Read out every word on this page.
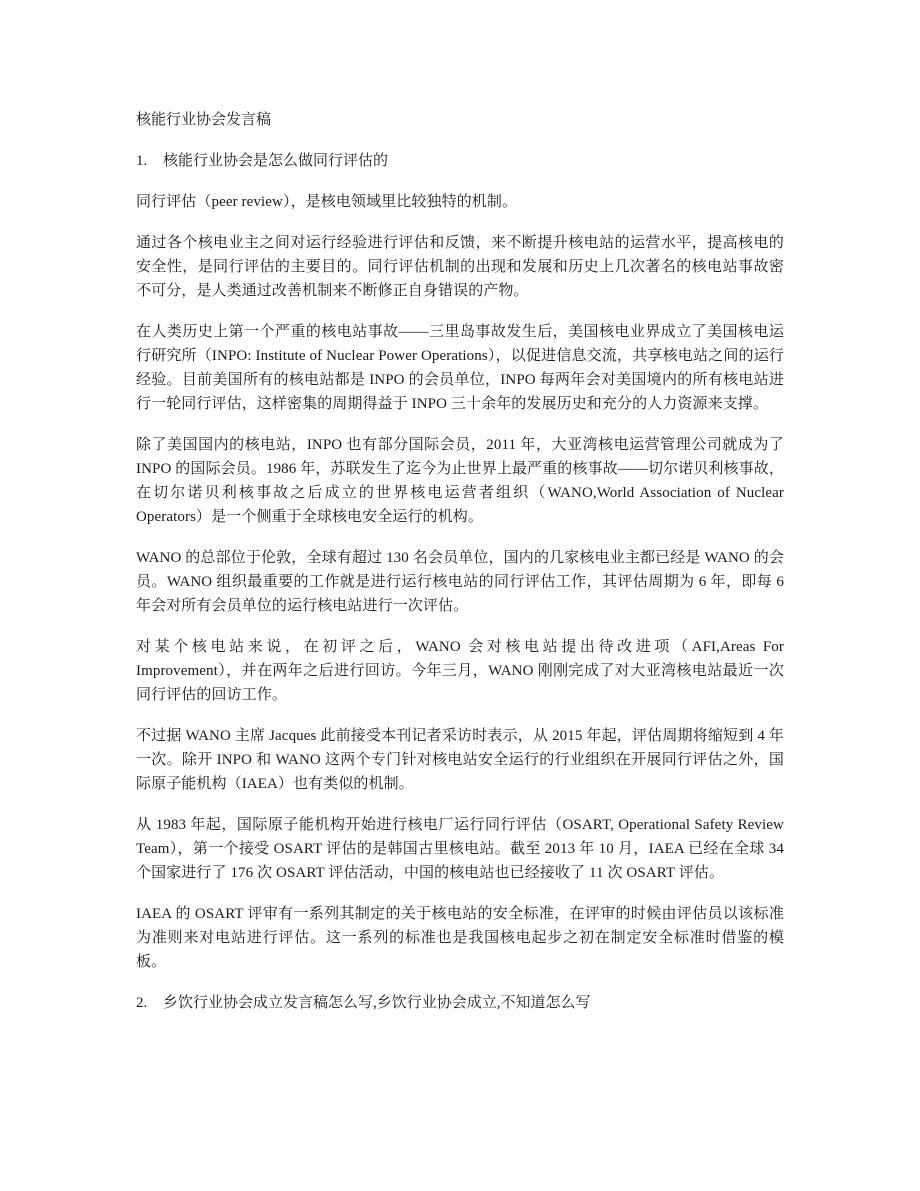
核能行业协会发言稿
1.	核能行业协会是怎么做同行评估的

同行评估（peer review），是核电领域里比较独特的机制。

通过各个核电业主之间对运行经验进行评估和反馈，来不断提升核电站的运营水平，提高核电的安全性，是同行评估的主要目的。同行评估机制的出现和发展和历史上几次著名的核电站事故密不可分，是人类通过改善机制来不断修正自身错误的产物。

在人类历史上第一个严重的核电站事故——三里岛事故发生后，美国核电业界成立了美国核电运行研究所（INPO: Institute of Nuclear Power Operations），以促进信息交流，共享核电站之间的运行经验。目前美国所有的核电站都是 INPO 的会员单位，INPO 每两年会对美国境内的所有核电站进行一轮同行评估，这样密集的周期得益于 INPO 三十余年的发展历史和充分的人力资源来支撑。

除了美国国内的核电站，INPO 也有部分国际会员，2011 年，大亚湾核电运营管理公司就成为了 INPO 的国际会员。1986 年，苏联发生了迄今为止世界上最严重的核事故——切尔诺贝利核事故，在切尔诺贝利核事故之后成立的世界核电运营者组织（WANO,World Association of Nuclear Operators）是一个侧重于全球核电安全运行的机构。

WANO 的总部位于伦敦，全球有超过 130 名会员单位，国内的几家核电业主都已经是 WANO 的会员。WANO 组织最重要的工作就是进行运行核电站的同行评估工作，其评估周期为 6 年，即每 6 年会对所有会员单位的运行核电站进行一次评估。

对某个核电站来说，在初评之后，WANO 会对核电站提出待改进项（AFI,Areas For Improvement），并在两年之后进行回访。今年三月，WANO 刚刚完成了对大亚湾核电站最近一次同行评估的回访工作。

不过据 WANO 主席 Jacques 此前接受本刊记者采访时表示，从 2015 年起，评估周期将缩短到 4 年一次。除开 INPO 和 WANO 这两个专门针对核电站安全运行的行业组织在开展同行评估之外，国际原子能机构（IAEA）也有类似的机制。

从 1983 年起，国际原子能机构开始进行核电厂运行同行评估（OSART, Operational Safety Review Team），第一个接受 OSART 评估的是韩国古里核电站。截至 2013 年 10 月，IAEA 已经在全球 34 个国家进行了 176 次 OSART 评估活动，中国的核电站也已经接收了 11 次 OSART 评估。

IAEA 的 OSART 评审有一系列其制定的关于核电站的安全标准，在评审的时候由评估员以该标准为准则来对电站进行评估。这一系列的标准也是我国核电起步之初在制定安全标准时借鉴的模板。

2.	乡饮行业协会成立发言稿怎么写,乡饮行业协会成立,不知道怎么写
